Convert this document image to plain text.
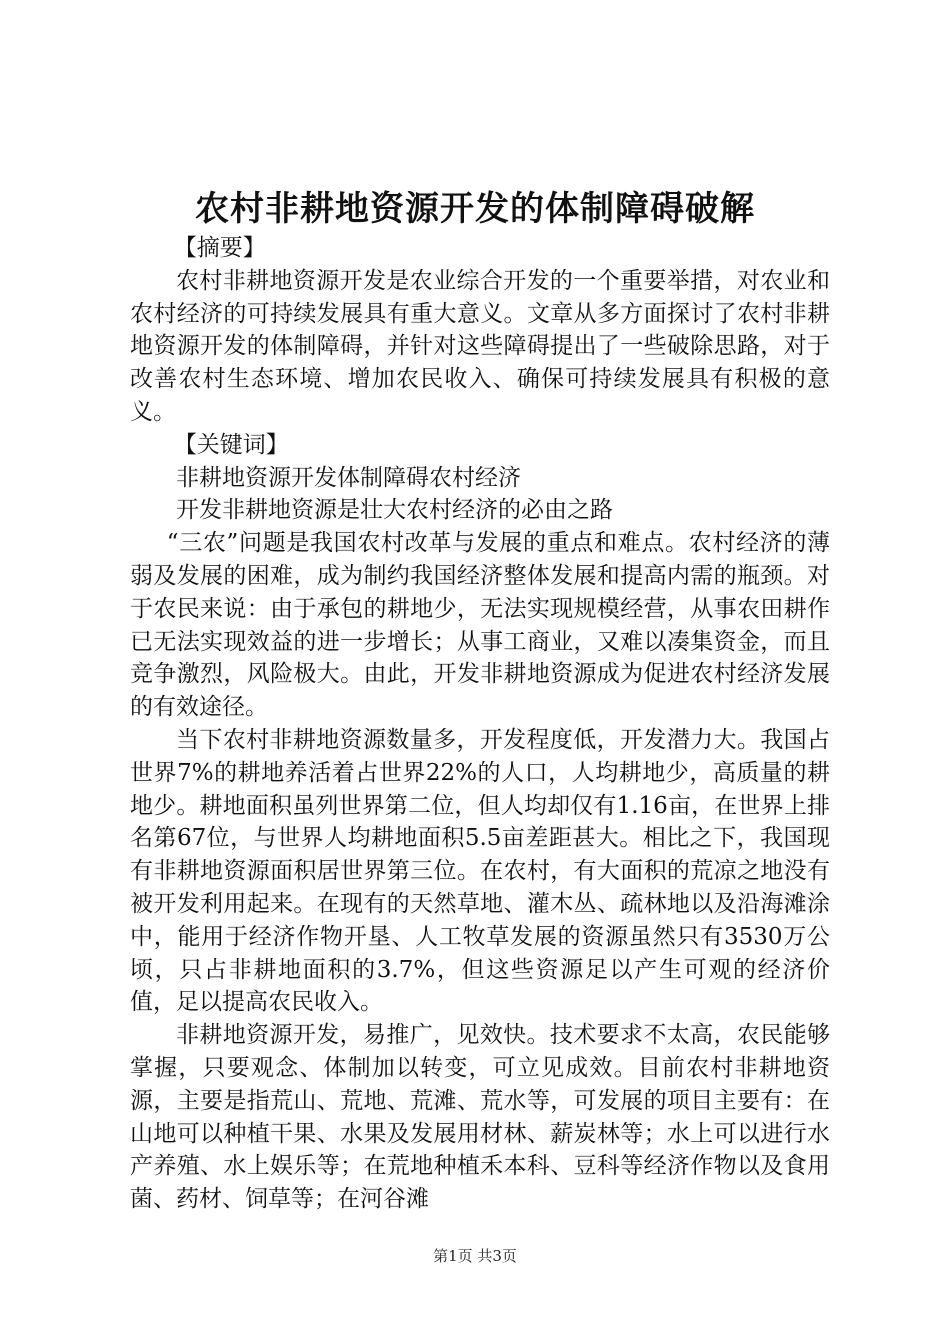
农村非耕地资源开发的体制障碍破解

【摘要】

农村非耕地资源开发是农业综合开发的一个重要举措，对农业和农村经济的可持续发展具有重大意义。文章从多方面探讨了农村非耕地资源开发的体制障碍，并针对这些障碍提出了一些破除思路，对于改善农村生态环境、增加农民收入、确保可持续发展具有积极的意义。

【关键词】

非耕地资源开发体制障碍农村经济

开发非耕地资源是壮大农村经济的必由之路

“三农”问题是我国农村改革与发展的重点和难点。农村经济的薄弱及发展的困难，成为制约我国经济整体发展和提高内需的瓶颈。对于农民来说：由于承包的耕地少，无法实现规模经营，从事农田耕作已无法实现效益的进一步增长；从事工商业，又难以凑集资金，而且竞争激烈，风险极大。由此，开发非耕地资源成为促进农村经济发展的有效途径。

当下农村非耕地资源数量多，开发程度低，开发潜力大。我国占世界7%的耕地养活着占世界22%的人口，人均耕地少，高质量的耕地少。耕地面积虽列世界第二位，但人均却仅有1.16亩，在世界上排名第67位，与世界人均耕地面积5.5亩差距甚大。相比之下，我国现有非耕地资源面积居世界第三位。在农村，有大面积的荒凉之地没有被开发利用起来。在现有的天然草地、灌木丛、疏林地以及沿海滩涂中，能用于经济作物开垦、人工牧草发展的资源虽然只有3530万公顷，只占非耕地面积的3.7%，但这些资源足以产生可观的经济价值，足以提高农民收入。

非耕地资源开发，易推广，见效快。技术要求不太高，农民能够掌握，只要观念、体制加以转变，可立见成效。目前农村非耕地资源，主要是指荒山、荒地、荒滩、荒水等，可发展的项目主要有：在山地可以种植干果、水果及发展用材林、薪炭林等；水上可以进行水产养殖、水上娱乐等；在荒地种植禾本科、豆科等经济作物以及食用菌、药材、饲草等；在河谷滩

第1页 共3页
